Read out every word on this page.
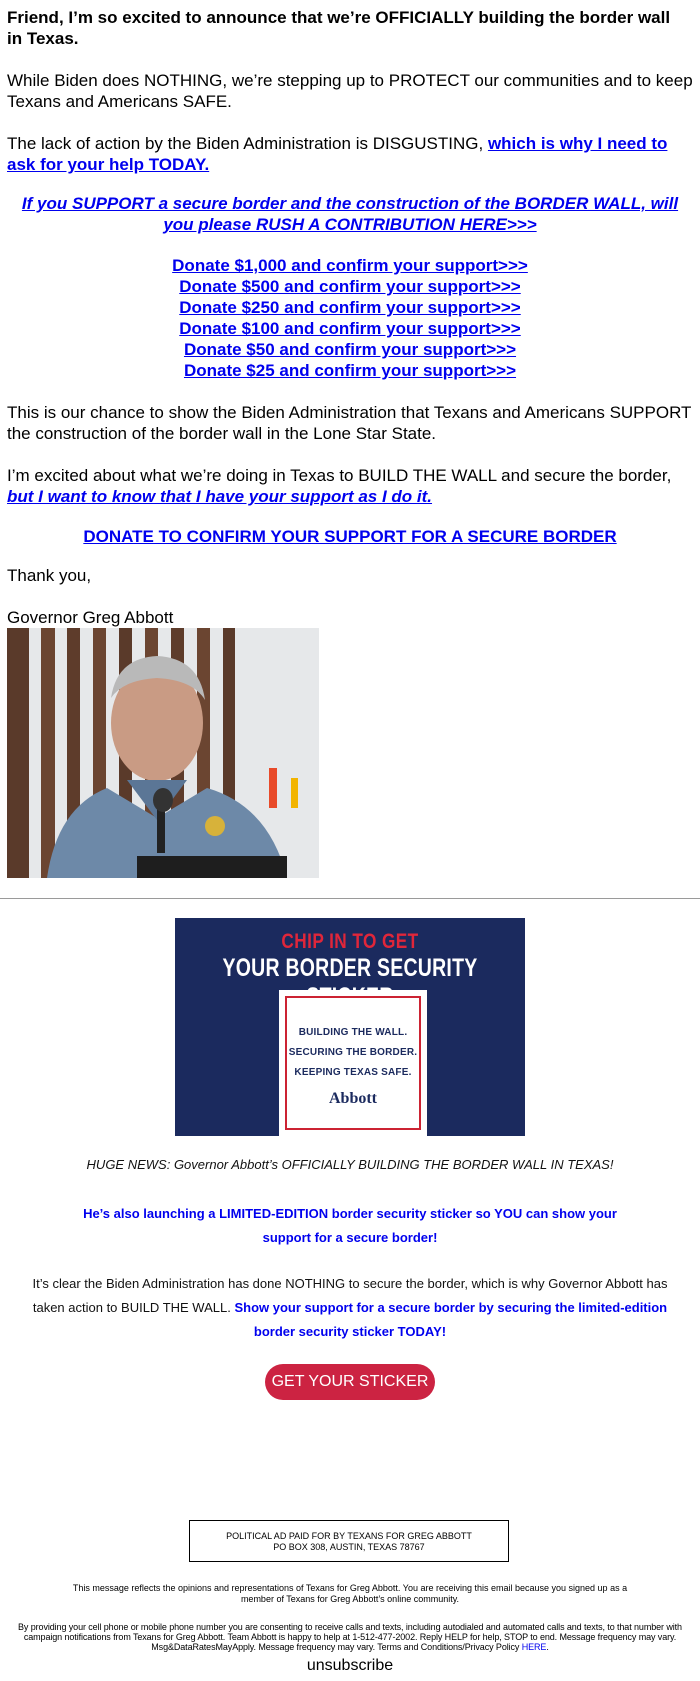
Friend, I’m so excited to announce that we’re OFFICIALLY building the border wall in Texas.

While Biden does NOTHING, we’re stepping up to PROTECT our communities and to keep Texans and Americans SAFE.

The lack of action by the Biden Administration is DISGUSTING, which is why I need to ask for your help TODAY.

If you SUPPORT a secure border and the construction of the BORDER WALL, will you please RUSH A CONTRIBUTION HERE>>>

Donate $1,000 and confirm your support>>>
Donate $500 and confirm your support>>>
Donate $250 and confirm your support>>>
Donate $100 and confirm your support>>>
Donate $50 and confirm your support>>>
Donate $25 and confirm your support>>>

This is our chance to show the Biden Administration that Texans and Americans SUPPORT the construction of the border wall in the Lone Star State.

I’m excited about what we’re doing in Texas to BUILD THE WALL and secure the border, but I want to know that I have your support as I do it.

DONATE TO CONFIRM YOUR SUPPORT FOR A SECURE BORDER

Thank you,

Governor Greg Abbott

CHIP IN TO GET
YOUR BORDER SECURITY
BUILDING THE WALL.
SECURING THE BORDER.
KEEPING TEXAS SAFE.
Abbott
HUGE NEWS: Governor Abbott’s OFFICIALLY BUILDING THE BORDER WALL IN TEXAS!
He’s also launching a LIMITED-EDITION border security sticker so YOU can show your support for a secure border!
It’s clear the Biden Administration has done NOTHING to secure the border, which is why Governor Abbott has taken action to BUILD THE WALL. Show your support for a secure border by securing the limited-edition border security sticker TODAY!
GET YOUR STICKER
POLITICAL AD PAID FOR BY TEXANS FOR GREG ABBOTT
PO BOX 308, AUSTIN, TEXAS 78767
This message reflects the opinions and representations of Texans for Greg Abbott. You are receiving this email because you signed up as a member of Texans for Greg Abbott’s online community.
By providing your cell phone or mobile phone number you are consenting to receive calls and texts, including autodialed and automated calls and texts, to that number with campaign notifications from Texans for Greg Abbott. Team Abbott is happy to help at 1-512-477-2002. Reply HELP for help, STOP to end. Message frequency may vary. Msg&DataRatesMayApply. Message frequency may vary. Terms and Conditions/Privacy Policy HERE.
unsubscribe
